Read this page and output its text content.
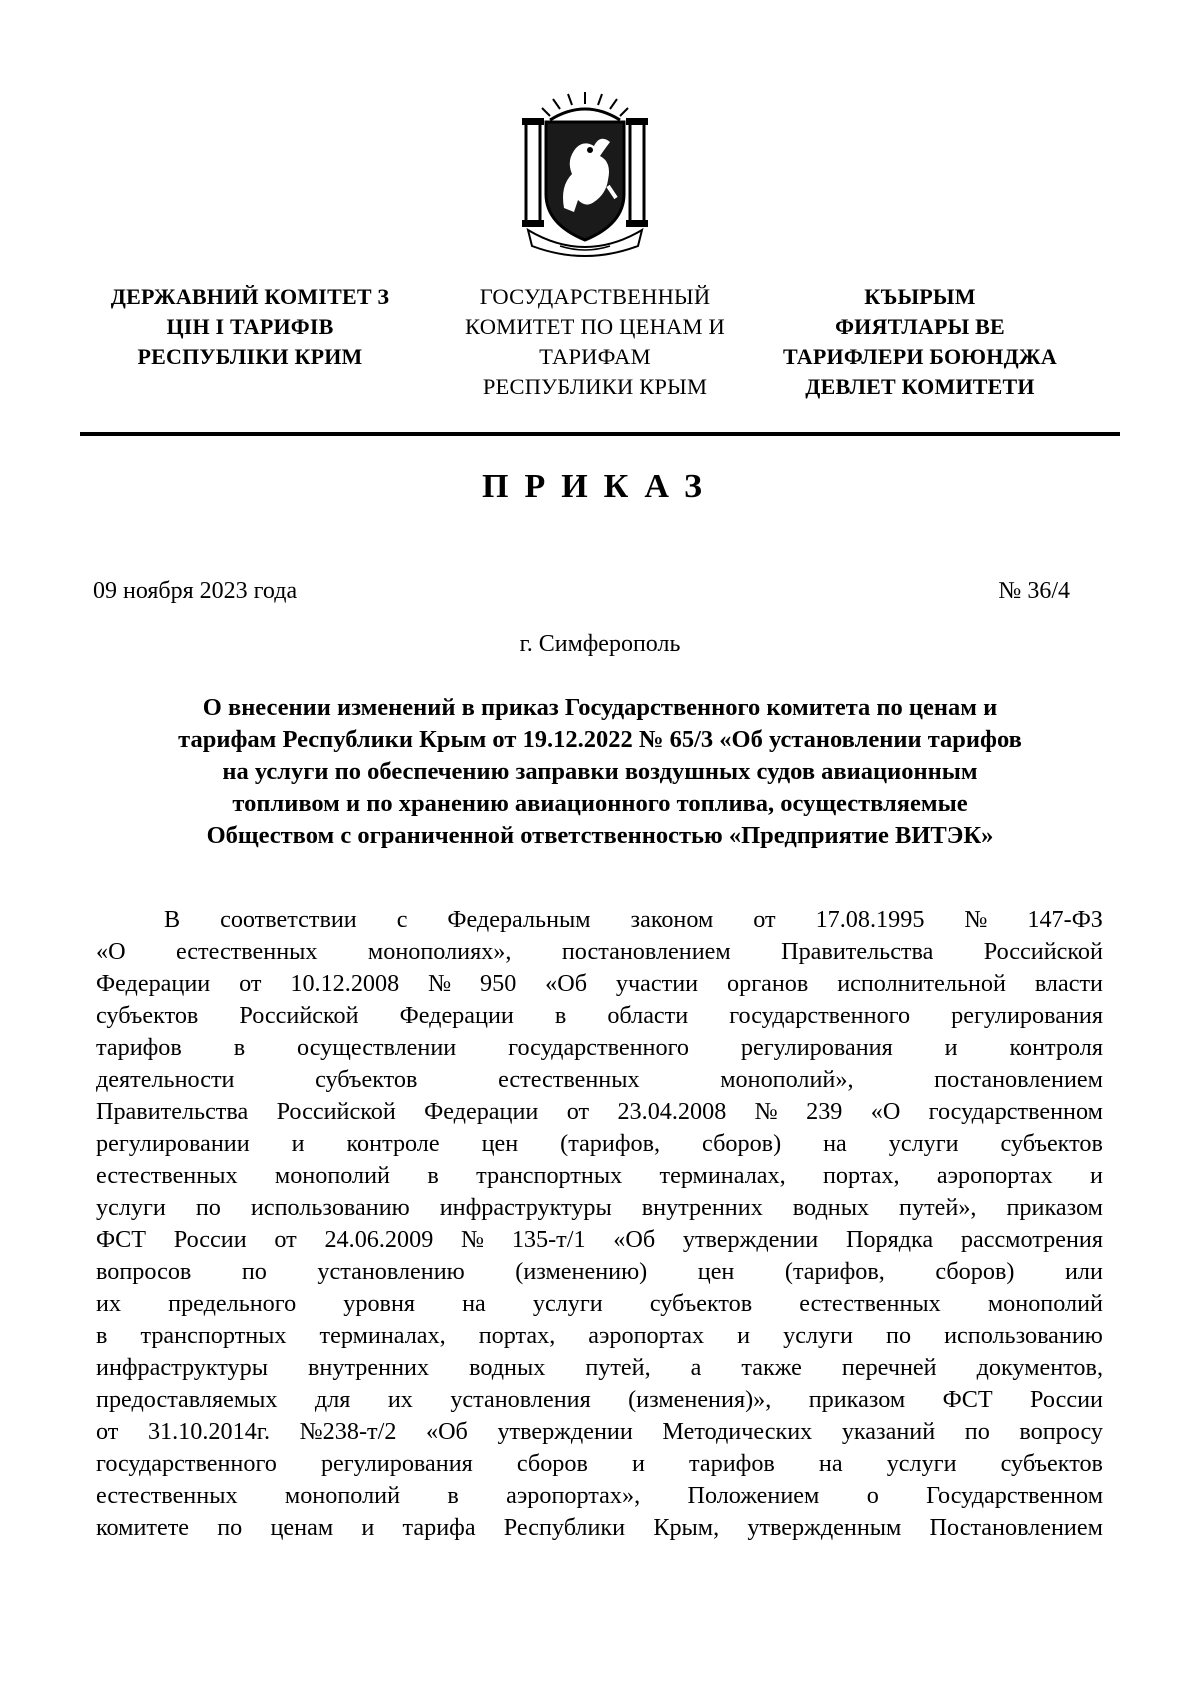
ДЕРЖАВНИЙ КОМІТЕТ З
ЦІН І ТАРИФІВ
РЕСПУБЛІКИ КРИМ
ГОСУДАРСТВЕННЫЙ
КОМИТЕТ ПО ЦЕНАМ И
ТАРИФАМ
РЕСПУБЛИКИ КРЫМ
КЪЫРЫМ
ФИЯТЛАРЫ ВЕ
ТАРИФЛЕРИ БОЮНДЖА
ДЕВЛЕТ КОМИТЕТИ
ПРИКАЗ
09 ноября 2023 года	№ 36/4
г. Симферополь
О внесении изменений в приказ Государственного комитета по ценам и
тарифам Республики Крым от 19.12.2022 № 65/3 «Об установлении тарифов
на услуги по обеспечению заправки воздушных судов авиационным
топливом и по хранению авиационного топлива, осуществляемые
Обществом с ограниченной ответственностью «Предприятие ВИТЭК»
В соответствии с Федеральным законом от 17.08.1995 № 147-ФЗ
«О естественных монополиях», постановлением Правительства Российской
Федерации от 10.12.2008 № 950 «Об участии органов исполнительной власти
субъектов Российской Федерации в области государственного регулирования
тарифов в осуществлении государственного регулирования и контроля
деятельности	субъектов	естественных	монополий»,	постановлением
Правительства Российской Федерации от 23.04.2008 № 239 «О государственном
регулировании и контроле цен (тарифов, сборов) на услуги субъектов
естественных монополий в транспортных терминалах, портах, аэропортах и
услуги по использованию инфраструктуры внутренних водных путей», приказом
ФСТ России от 24.06.2009 № 135-т/1 «Об утверждении Порядка рассмотрения
вопросов по установлению (изменению) цен (тарифов, сборов) или
их предельного уровня на услуги субъектов естественных монополий
в транспортных терминалах, портах, аэропортах и услуги по использованию
инфраструктуры внутренних водных путей, а также перечней документов,
предоставляемых для их установления (изменения)», приказом ФСТ России
от 31.10.2014г. №238-т/2 «Об утверждении Методических указаний по вопросу
государственного регулирования сборов и тарифов на услуги субъектов
естественных монополий в аэропортах», Положением о Государственном
комитете по ценам и тарифа Республики Крым, утвержденным Постановлением
